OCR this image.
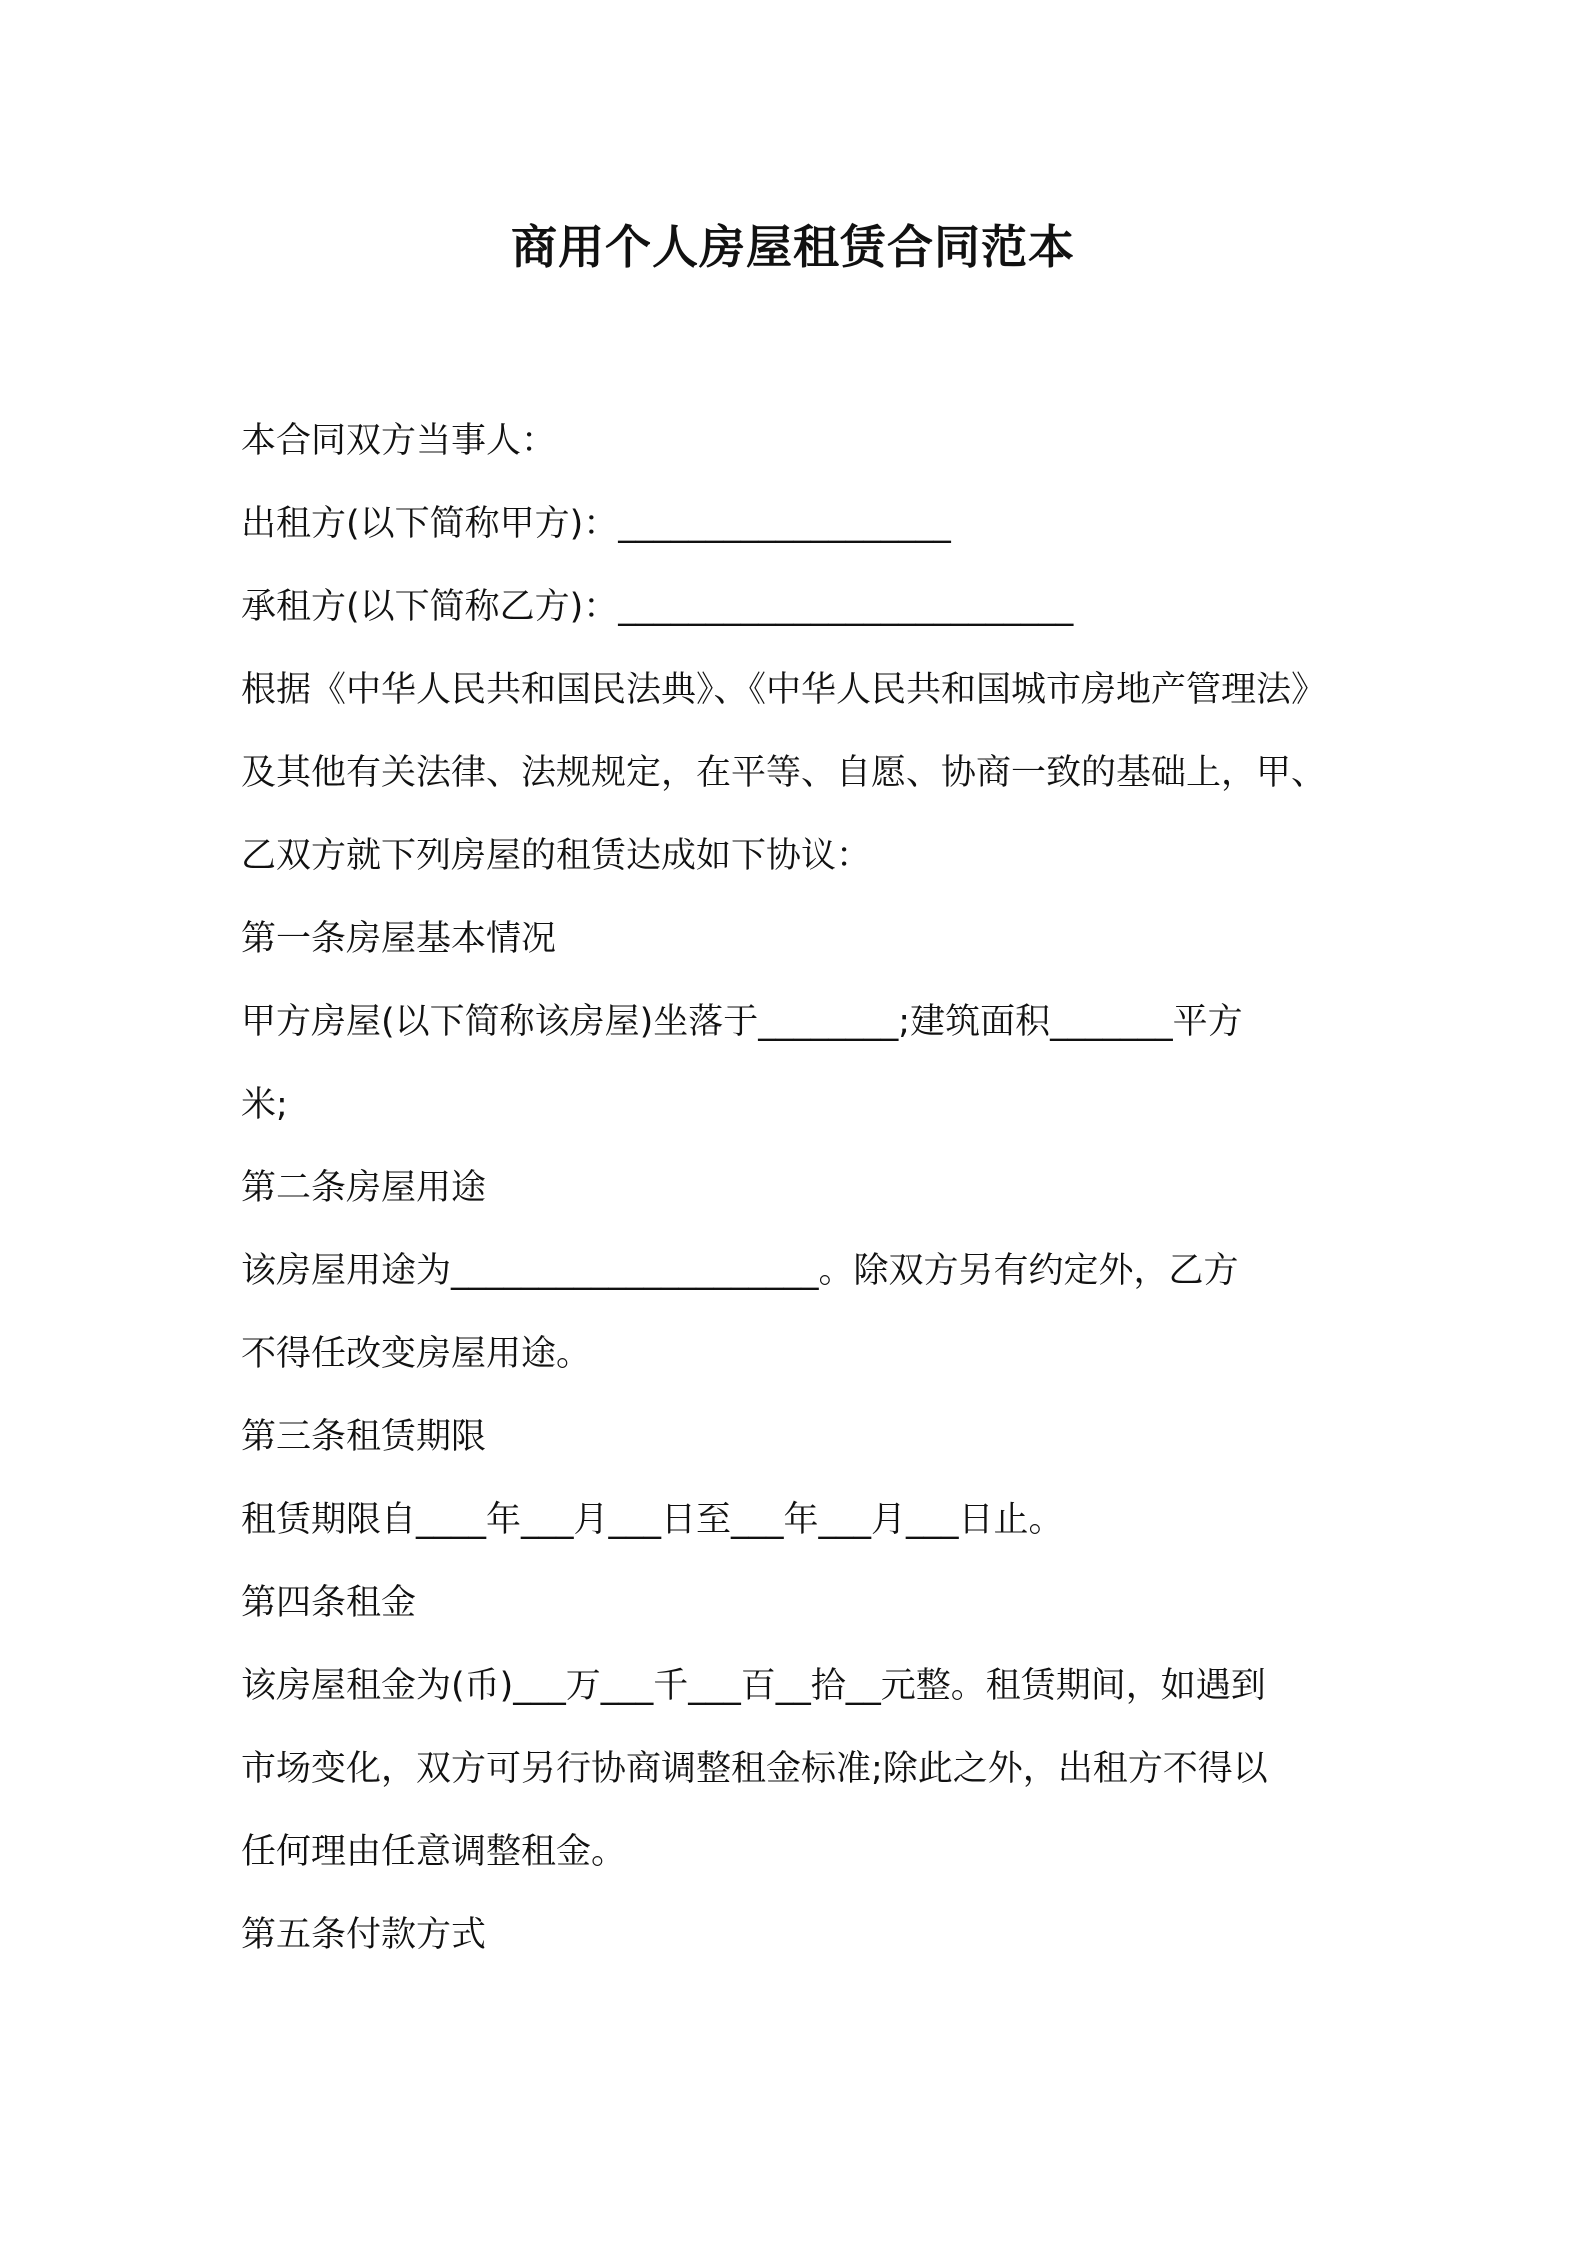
商用个人房屋租赁合同范本

本合同双方当事人：

出租方(以下简称甲方)：___________________

承租方(以下简称乙方)：__________________________

根据《中华人民共和国民法典》、《中华人民共和国城市房地产管理法》

及其他有关法律、法规规定，在平等、自愿、协商一致的基础上，甲、

乙双方就下列房屋的租赁达成如下协议：

第一条房屋基本情况

甲方房屋(以下简称该房屋)坐落于________;建筑面积_______平方

米;

第二条房屋用途

该房屋用途为_____________________。除双方另有约定外，乙方

不得任改变房屋用途。

第三条租赁期限

租赁期限自____年___月___日至___年___月___日止。

第四条租金

该房屋租金为(币)___万___千___百__拾__元整。租赁期间，如遇到

市场变化，双方可另行协商调整租金标准;除此之外，出租方不得以

任何理由任意调整租金。

第五条付款方式
